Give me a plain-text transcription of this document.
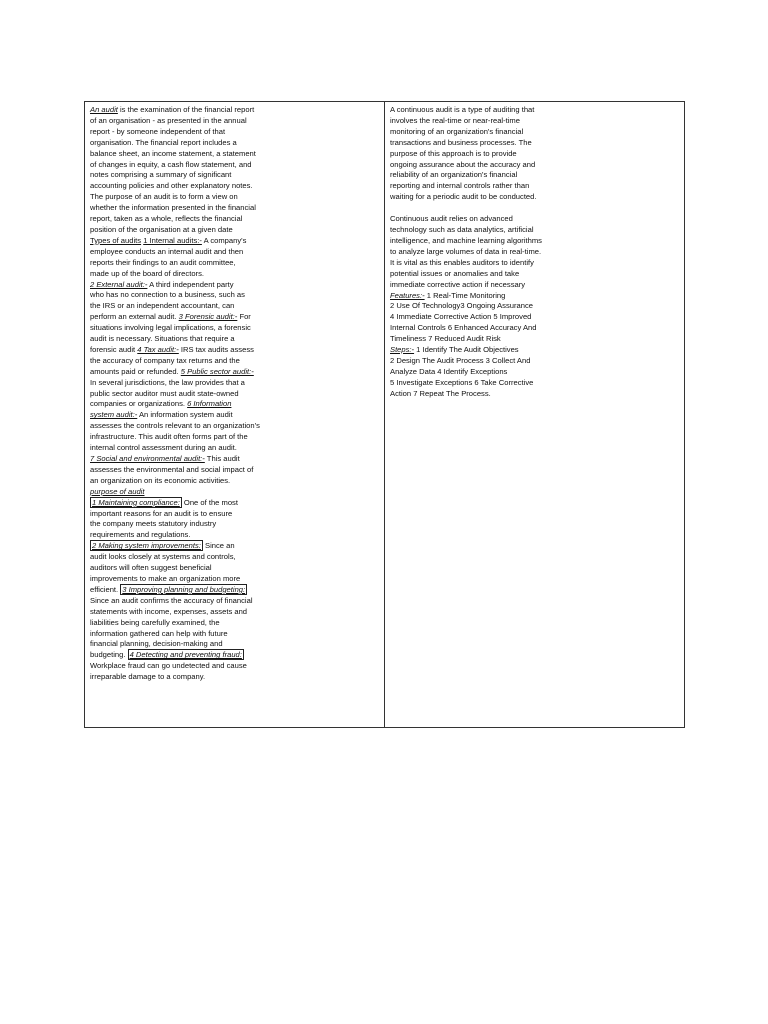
An audit is the examination of the financial report

of an organisation - as presented in the annual

report - by someone independent of that

organisation. The financial report includes a

balance sheet, an income statement, a statement

of changes in equity, a cash flow statement, and

notes comprising a summary of significant

accounting policies and other explanatory notes.

The purpose of an audit is to form a view on

whether the information presented in the financial

report, taken as a whole, reflects the financial

position of the organisation at a given date

Types of audits 1 Internal audits:- A company's

employee conducts an internal audit and then

reports their findings to an audit committee,

made up of the board of directors.

2 External audit:- A third independent party

who has no connection to a business, such as

the IRS or an independent accountant, can

perform an external audit. 3 Forensic audit:- For

situations involving legal implications, a forensic

audit is necessary. Situations that require a

forensic audit 4 Tax audit:- IRS tax audits assess

the accuracy of company tax returns and the

amounts paid or refunded. 5 Public sector audit:-

In several jurisdictions, the law provides that a

public sector auditor must audit state-owned

companies or organizations. 6 Information

system audit:- An information system audit

assesses the controls relevant to an organization's

infrastructure. This audit often forms part of the

internal control assessment during an audit.

7 Social and environmental audit:- This audit

assesses the environmental and social impact of

an organization on its economic activities.

purpose of audit

1 Maintaining compliance: One of the most

important reasons for an audit is to ensure

the company meets statutory industry

requirements and regulations.

2 Making system improvements: Since an

audit looks closely at systems and controls,

auditors will often suggest beneficial

improvements to make an organization more

efficient. 3 Improving planning and budgeting:

Since an audit confirms the accuracy of financial

statements with income, expenses, assets and

liabilities being carefully examined, the

information gathered can help with future

financial planning, decision-making and

budgeting. 4 Detecting and preventing fraud:

Workplace fraud can go undetected and cause

irreparable damage to a company.

A continuous audit is a type of auditing that

involves the real-time or near-real-time

monitoring of an organization's financial

transactions and business processes. The

purpose of this approach is to provide

ongoing assurance about the accuracy and

reliability of an organization's financial

reporting and internal controls rather than

waiting for a periodic audit to be conducted.

Continuous audit relies on advanced

technology such as data analytics, artificial

intelligence, and machine learning algorithms

to analyze large volumes of data in real-time.

It is vital as this enables auditors to identify

potential issues or anomalies and take

immediate corrective action if necessary

Features:- 1 Real-Time Monitoring

2 Use Of Technology3 Ongoing Assurance

4 Immediate Corrective Action 5 Improved

Internal Controls 6 Enhanced Accuracy And

Timeliness 7 Reduced Audit Risk

Steps:- 1 Identify The Audit Objectives

2 Design The Audit Process 3 Collect And

Analyze Data 4 Identify Exceptions

5 Investigate Exceptions 6 Take Corrective

Action 7 Repeat The Process.
